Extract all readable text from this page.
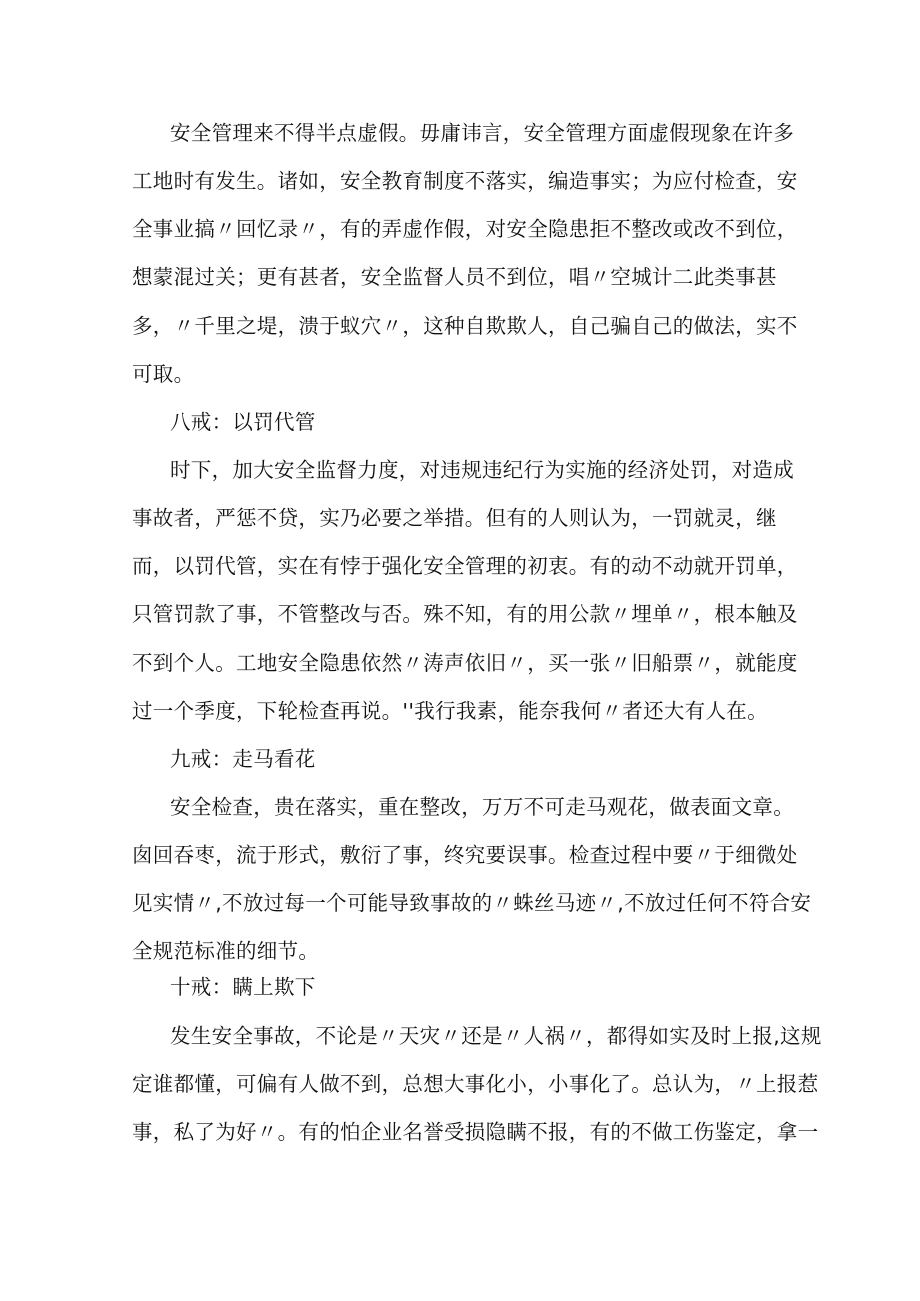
安全管理来不得半点虚假。毋庸讳言，安全管理方面虚假现象在许多
工地时有发生。诸如，安全教育制度不落实，编造事实；为应付检查，安
全事业搞〃回忆录〃，有的弄虚作假，对安全隐患拒不整改或改不到位，
想蒙混过关；更有甚者，安全监督人员不到位，唱〃空城计二此类事甚
多，〃千里之堤，溃于蚁穴〃，这种自欺欺人，自己骗自己的做法，实不
可取。
八戒：以罚代管
时下，加大安全监督力度，对违规违纪行为实施的经济处罚，对造成
事故者，严惩不贷，实乃必要之举措。但有的人则认为，一罚就灵，继
而，以罚代管，实在有悖于强化安全管理的初衷。有的动不动就开罚单，
只管罚款了事，不管整改与否。殊不知，有的用公款〃埋单〃，根本触及
不到个人。工地安全隐患依然〃涛声依旧〃，买一张〃旧船票〃，就能度
过一个季度，下轮检查再说。''我行我素，能奈我何〃者还大有人在。
九戒：走马看花
安全检查，贵在落实，重在整改，万万不可走马观花，做表面文章。
囱回吞枣，流于形式，敷衍了事，终究要误事。检查过程中要〃于细微处
见实情〃,不放过每一个可能导致事故的〃蛛丝马迹〃,不放过任何不符合安
全规范标准的细节。
十戒：瞒上欺下
发生安全事故，不论是〃天灾〃还是〃人祸〃，都得如实及时上报,这规
定谁都懂，可偏有人做不到，总想大事化小，小事化了。总认为，〃上报惹
事，私了为好〃。有的怕企业名誉受损隐瞒不报，有的不做工伤鉴定，拿一
